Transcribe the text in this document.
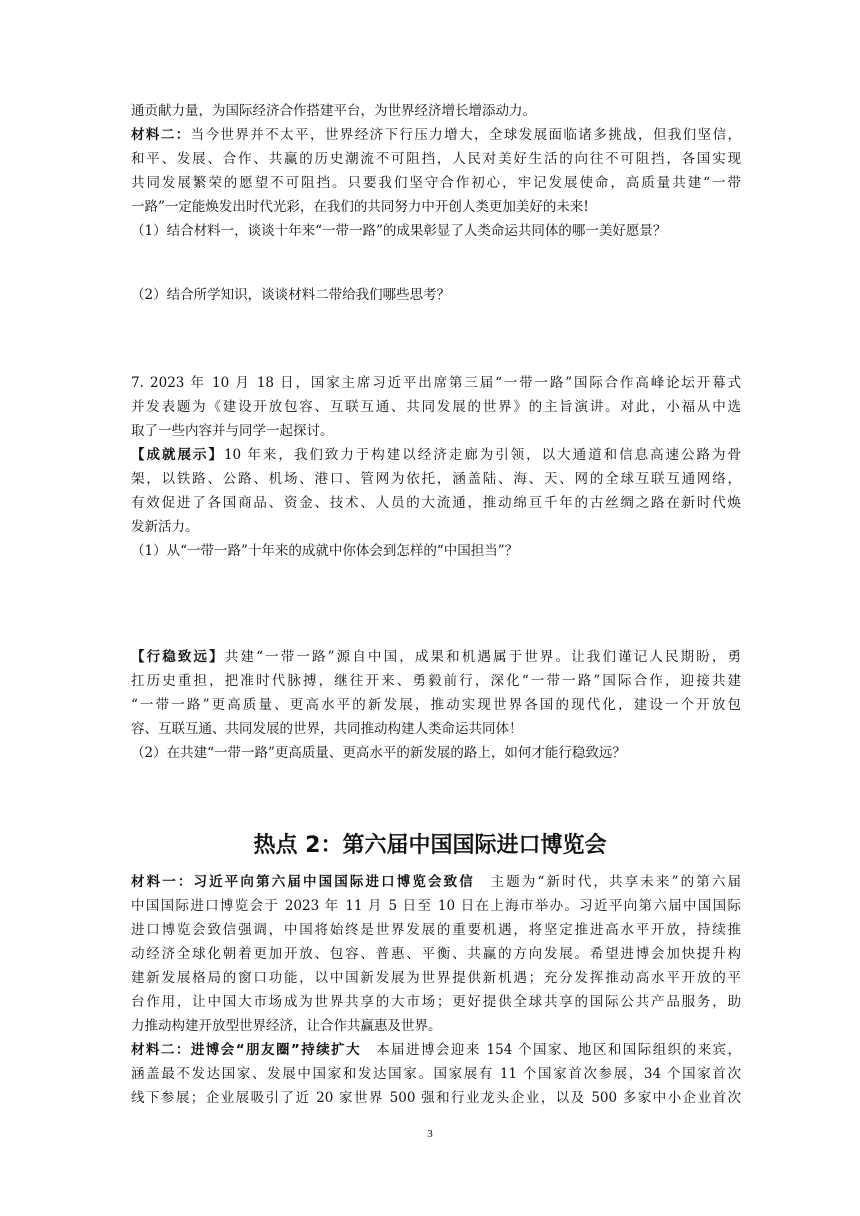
通贡献力量，为国际经济合作搭建平台，为世界经济增长增添动力。
材料二：当今世界并不太平，世界经济下行压力增大，全球发展面临诸多挑战，但我们坚信，
和平、发展、合作、共赢的历史潮流不可阻挡，人民对美好生活的向往不可阻挡，各国实现
共同发展繁荣的愿望不可阻挡。只要我们坚守合作初心，牢记发展使命，高质量共建“一带
一路”一定能焕发出时代光彩，在我们的共同努力中开创人类更加美好的未来!
（1）结合材料一，谈谈十年来“一带一路”的成果彰显了人类命运共同体的哪一美好愿景？
（2）结合所学知识，谈谈材料二带给我们哪些思考？
7. 2023 年 10 月 18 日，国家主席习近平出席第三届“一带一路”国际合作高峰论坛开幕式
并发表题为《建设开放包容、互联互通、共同发展的世界》的主旨演讲。对此，小福从中选
取了一些内容并与同学一起探讨。
【成就展示】10 年来，我们致力于构建以经济走廊为引领，以大通道和信息高速公路为骨
架，以铁路、公路、机场、港口、管网为依托，涵盖陆、海、天、网的全球互联互通网络，
有效促进了各国商品、资金、技术、人员的大流通，推动绵亘千年的古丝绸之路在新时代焕
发新活力。
（1）从“一带一路”十年来的成就中你体会到怎样的“中国担当”？
【行稳致远】共建“一带一路”源自中国，成果和机遇属于世界。让我们谨记人民期盼，勇
扛历史重担，把准时代脉搏，继往开来、勇毅前行，深化“一带一路”国际合作，迎接共建
“一带一路”更高质量、更高水平的新发展，推动实现世界各国的现代化，建设一个开放包
容、互联互通、共同发展的世界，共同推动构建人类命运共同体！
（2）在共建“一带一路”更高质量、更高水平的新发展的路上，如何才能行稳致远？
热点 2：第六届中国国际进口博览会
材料一：习近平向第六届中国国际进口博览会致信　主题为“新时代，共享未来”的第六届
中国国际进口博览会于 2023 年 11 月 5 日至 10 日在上海市举办。习近平向第六届中国国际
进口博览会致信强调，中国将始终是世界发展的重要机遇，将坚定推进高水平开放，持续推
动经济全球化朝着更加开放、包容、普惠、平衡、共赢的方向发展。希望进博会加快提升构
建新发展格局的窗口功能，以中国新发展为世界提供新机遇；充分发挥推动高水平开放的平
台作用，让中国大市场成为世界共享的大市场；更好提供全球共享的国际公共产品服务，助
力推动构建开放型世界经济，让合作共赢惠及世界。
材料二：进博会“朋友圈”持续扩大　本届进博会迎来 154 个国家、地区和国际组织的来宾，
涵盖最不发达国家、发展中国家和发达国家。国家展有 11 个国家首次参展，34 个国家首次
线下参展；企业展吸引了近 20 家世界 500 强和行业龙头企业，以及 500 多家中小企业首次
3
